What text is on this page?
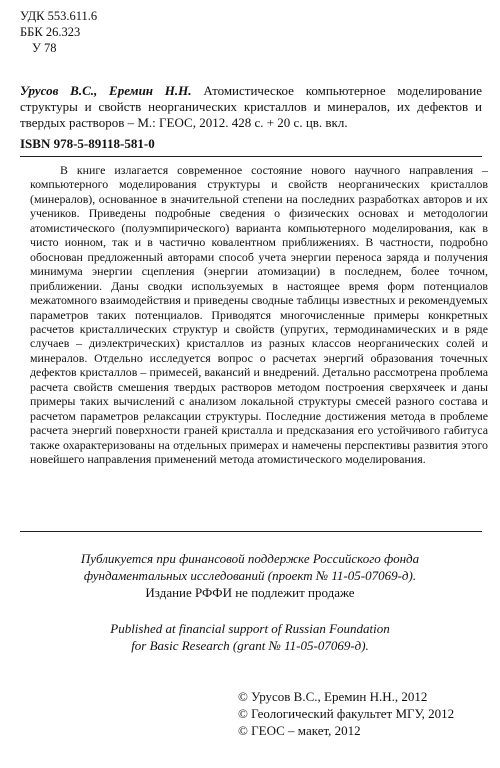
УДК 553.611.6
ББК 26.323
У 78
Урусов В.С., Еремин Н.Н. Атомистическое компьютерное моделирование структуры и свойств неорганических кристаллов и минералов, их дефектов и твердых растворов – М.: ГЕОС, 2012. 428 с. + 20 с. цв. вкл.
ISBN 978-5-89118-581-0

В книге излагается современное состояние нового научного направления – компьютерного моделирования структуры и свойств неорганических кристаллов (минералов), основанное в значительной степени на последних разработках авторов и их учеников. Приведены подробные сведения о физических основах и методологии атомистического (полуэмпирического) варианта компьютерного моделирования, как в чисто ионном, так и в частично ковалентном приближениях. В частности, подробно обоснован предложенный авторами способ учета энергии переноса заряда и получения минимума энергии сцепления (энергии атомизации) в последнем, более точном, приближении. Даны сводки используемых в настоящее время форм потенциалов межатомного взаимодействия и приведены сводные таблицы известных и рекомендуемых параметров таких потенциалов. Приводятся многочисленные примеры конкретных расчетов кристаллических структур и свойств (упругих, термодинамических и в ряде случаев – диэлектрических) кристаллов из разных классов неорганических солей и минералов. Отдельно исследуется вопрос о расчетах энергий образования точечных дефектов кристаллов – примесей, вакансий и внедрений. Детально рассмотрена проблема расчета свойств смешения твердых растворов методом построения сверхячеек и даны примеры таких вычислений с анализом локальной структуры смесей разного состава и расчетом параметров релаксации структуры. Последние достижения метода в проблеме расчета энергий поверхности граней кристалла и предсказания его устойчивого габитуса также охарактеризованы на отдельных примерах и намечены перспективы развития этого новейшего направления применений метода атомистического моделирования.

Публикуется при финансовой поддержке Российского фонда
фундаментальных исследований (проект № 11-05-07069-д).
Издание РФФИ не подлежит продаже
Published at financial support of Russian Foundation
for Basic Research (grant № 11-05-07069-д).
© Урусов В.С., Еремин Н.Н., 2012
© Геологический факультет МГУ, 2012
© ГЕОС – макет, 2012
